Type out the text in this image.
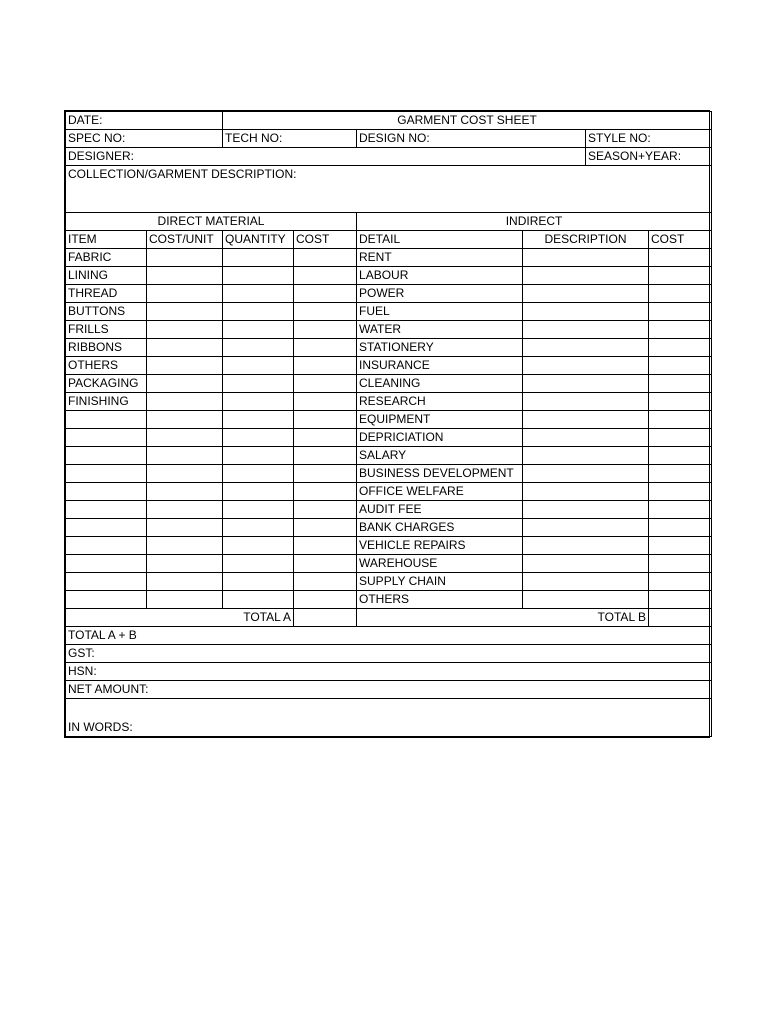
DATE:		GARMENT COST SHEET					
SPEC NO:		TECH NO:		DESIGN NO:		STYLE NO:	
DESIGNER:						SEASON+YEAR:	
COLLECTION/GARMENT DESCRIPTION:							
DIRECT MATERIAL				INDIRECT			
ITEM	COST/UNIT	QUANTITY	COST	DETAIL	DESCRIPTION		COST
FABRIC				RENT			
LINING				LABOUR			
THREAD				POWER			
BUTTONS				FUEL			
FRILLS				WATER			
RIBBONS				STATIONERY			
OTHERS				INSURANCE			
PACKAGING				CLEANING			
FINISHING				RESEARCH			
				EQUIPMENT			
				DEPRICIATION			
				SALARY			
				BUSINESS DEVELOPMENT			
				OFFICE WELFARE			
				AUDIT FEE			
				BANK CHARGES			
				VEHICLE REPAIRS			
				WAREHOUSE			
				SUPPLY CHAIN			
				OTHERS			
TOTAL A				TOTAL B			
TOTAL A + B							
GST:							
HSN:							
NET AMOUNT:							
IN WORDS:							
